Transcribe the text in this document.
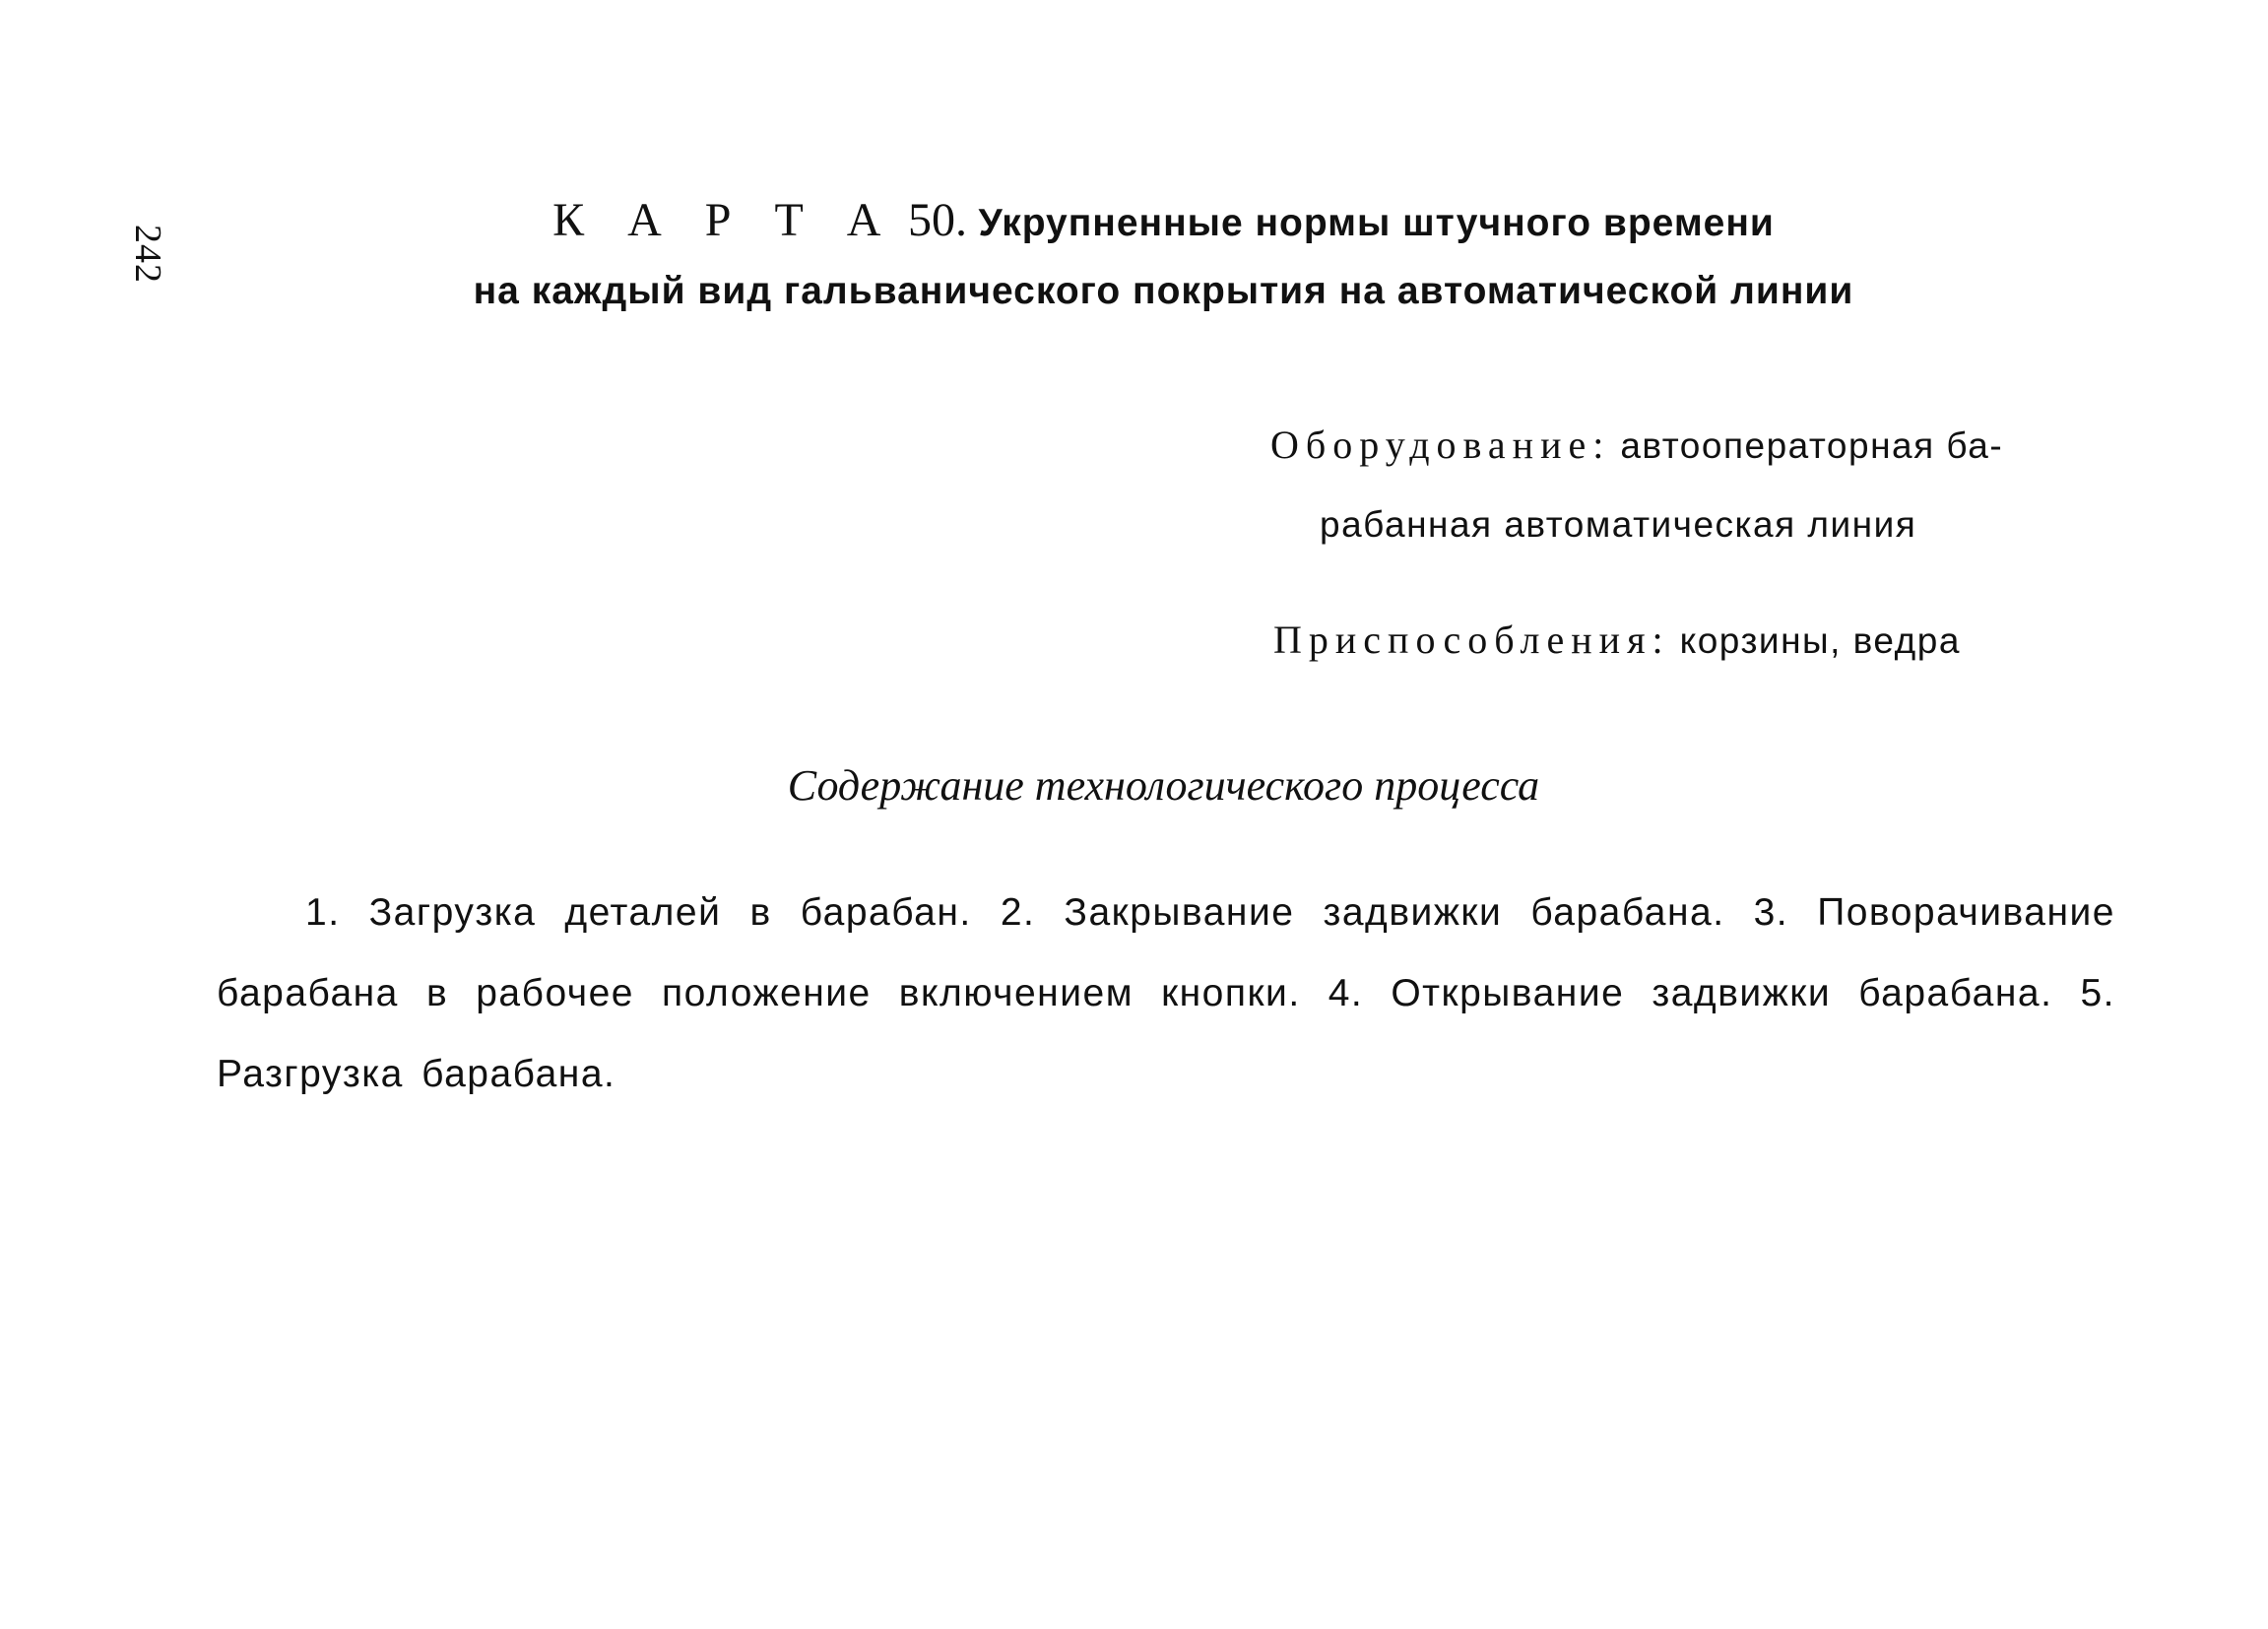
242
К А Р Т А 50. Укрупненные нормы штучного времени
на каждый вид гальванического покрытия на автоматической линии
Оборудование: автооператорная ба-
рабанная автоматическая линия
Приспособления: корзины, ведра
Содержание технологического процесса
1. Загрузка деталей в барабан. 2. Закрывание задвижки барабана. 3. Поворачивание барабана в рабочее положение включением кнопки. 4. Открывание задвижки барабана. 5. Разгрузка барабана.
